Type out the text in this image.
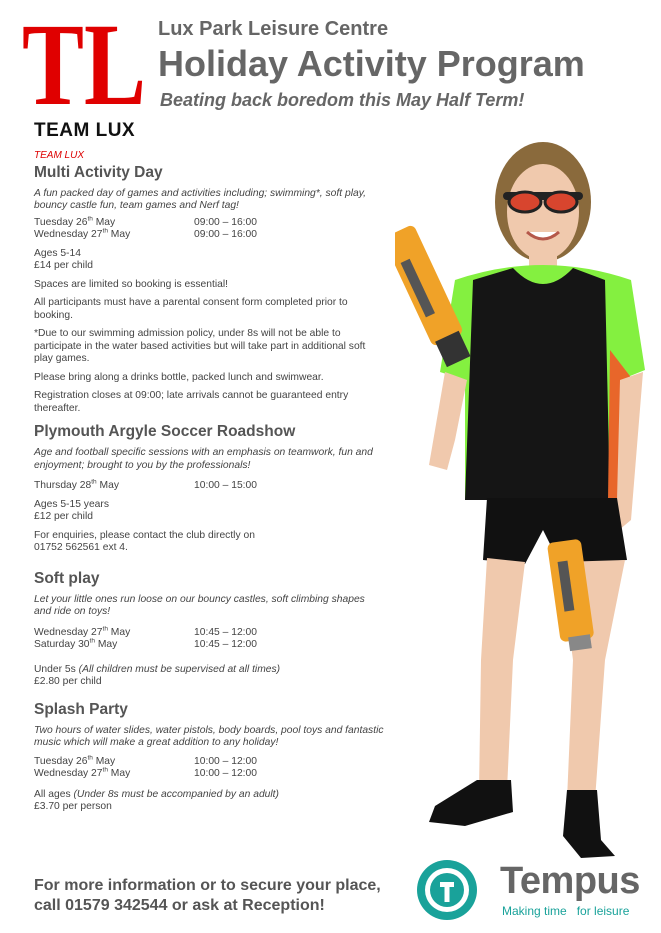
TL
TEAM LUX
Lux Park Leisure Centre
Holiday Activity Program
Beating back boredom this May Half Term!
TEAM LUX
Multi Activity Day
A fun packed day of games and activities including; swimming*, soft play, bouncy castle fun, team games and Nerf tag!
Tuesday 26th May	09:00 – 16:00
Wednesday 27th May	09:00 – 16:00
Ages 5-14
£14 per child
Spaces are limited so booking is essential!
All participants must have a parental consent form completed prior to booking.
*Due to our swimming admission policy, under 8s will not be able to participate in the water based activities but will take part in additional soft play games.
Please bring along a drinks bottle, packed lunch and swimwear.
Registration closes at 09:00; late arrivals cannot be guaranteed entry thereafter.
Plymouth Argyle Soccer Roadshow
Age and football specific sessions with an emphasis on teamwork, fun and enjoyment; brought to you by the professionals!
Thursday 28th May	10:00 – 15:00
Ages 5-15 years
£12 per child
For enquiries, please contact the club directly on
01752 562561 ext 4.
Soft play
Let your little ones run loose on our bouncy castles, soft climbing shapes and ride on toys!
Wednesday 27th May	10:45 – 12:00
Saturday 30th May	10:45 – 12:00
Under 5s (All children must be supervised at all times)
£2.80 per child
Splash Party
Two hours of water slides, water pistols, body boards, pool toys and fantastic music which will make a great addition to any holiday!
Tuesday 26th May	10:00 – 12:00
Wednesday 27th May	10:00 – 12:00
All ages (Under 8s must be accompanied by an adult)
£3.70 per person
For more information or to secure your place,
call 01579 342544 or ask at Reception!
Tempus
Making time   for leisure
